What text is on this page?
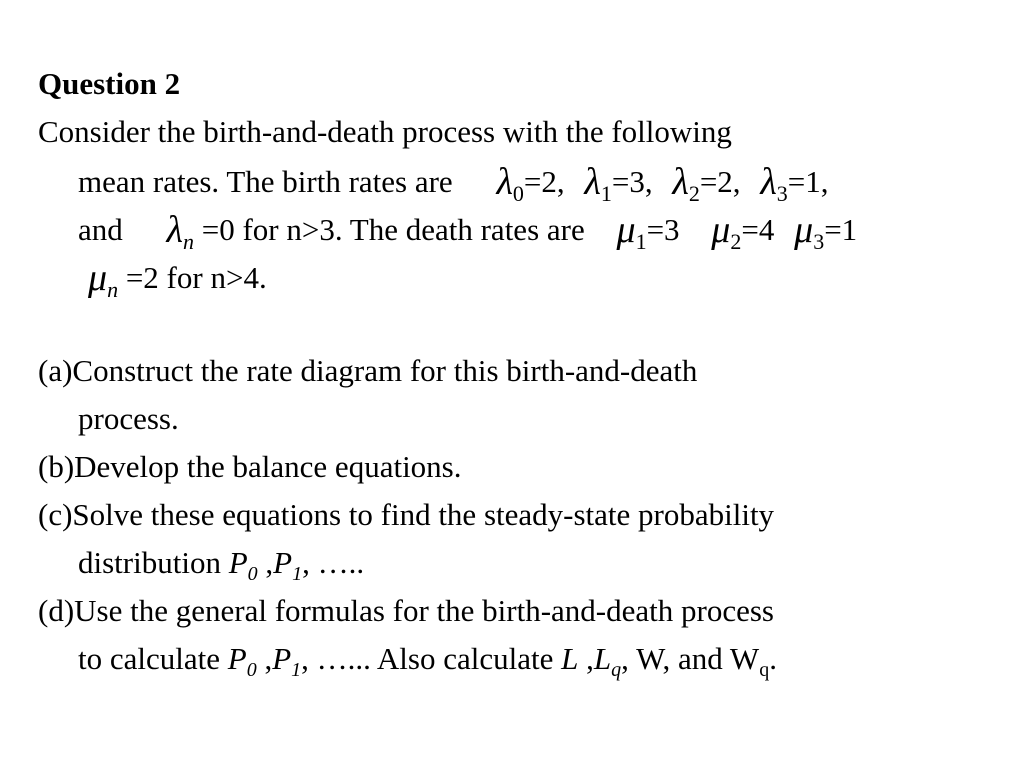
Question 2
Consider the birth-and-death process with the following
mean rates. The birth rates are $\lambda_0=2$, $\lambda_1=3$, $\lambda_2=2$, $\lambda_3=1$,
and $\lambda_n =0$ for n>3. The death rates are $\mu_1=3$ $\mu_2=4$ $\mu_3=1$
$\mu_n =2$ for n>4.
(a)Construct the rate diagram for this birth-and-death
process.
(b)Develop the balance equations.
(c)Solve these equations to find the steady-state probability
distribution $P_0$ $,P_1$, …..
(d)Use the general formulas for the birth-and-death process
to calculate $P_0$ $,P_1$, …... Also calculate L $,L_q$, W, and $W_q$.
